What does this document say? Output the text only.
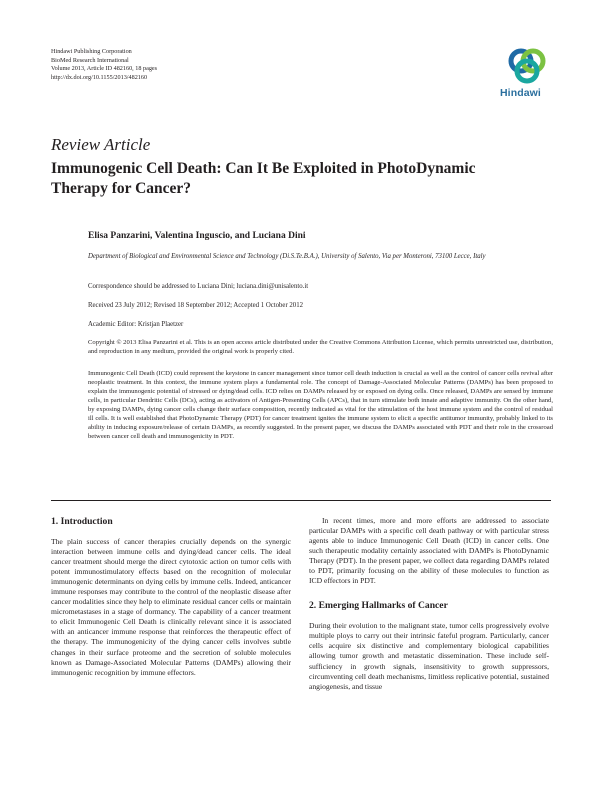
Hindawi Publishing Corporation
BioMed Research International
Volume 2013, Article ID 482160, 18 pages
http://dx.doi.org/10.1155/2013/482160
Hindawi
Review Article
Immunogenic Cell Death: Can It Be Exploited in PhotoDynamic Therapy for Cancer?
Elisa Panzarini, Valentina Inguscio, and Luciana Dini
Department of Biological and Environmental Science and Technology (Di.S.Te.B.A.), University of Salento, Via per Monteroni, 73100 Lecce, Italy
Correspondence should be addressed to Luciana Dini; luciana.dini@unisalento.it
Received 23 July 2012; Revised 18 September 2012; Accepted 1 October 2012
Academic Editor: Kristjan Plaetzer
Copyright © 2013 Elisa Panzarini et al. This is an open access article distributed under the Creative Commons Attribution License, which permits unrestricted use, distribution, and reproduction in any medium, provided the original work is properly cited.
Immunogenic Cell Death (ICD) could represent the keystone in cancer management since tumor cell death induction is crucial as well as the control of cancer cells revival after neoplastic treatment. In this context, the immune system plays a fundamental role. The concept of Damage-Associated Molecular Patterns (DAMPs) has been proposed to explain the immunogenic potential of stressed or dying/dead cells. ICD relies on DAMPs released by or exposed on dying cells. Once released, DAMPs are sensed by immune cells, in particular Dendritic Cells (DCs), acting as activators of Antigen-Presenting Cells (APCs), that in turn stimulate both innate and adaptive immunity. On the other hand, by exposing DAMPs, dying cancer cells change their surface composition, recently indicated as vital for the stimulation of the host immune system and the control of residual ill cells. It is well established that PhotoDynamic Therapy (PDT) for cancer treatment ignites the immune system to elicit a specific antitumor immunity, probably linked to its ability in inducing exposure/release of certain DAMPs, as recently suggested. In the present paper, we discuss the DAMPs associated with PDT and their role in the crossroad between cancer cell death and immunogenicity in PDT.
1. Introduction

The plain success of cancer therapies crucially depends on the synergic interaction between immune cells and dying/dead cancer cells. The ideal cancer treatment should merge the direct cytotoxic action on tumor cells with potent immunostimulatory effects based on the recognition of molecular immunogenic determinants on dying cells by immune cells. Indeed, anticancer immune responses may contribute to the control of the neoplastic disease after cancer modalities since they help to eliminate residual cancer cells or maintain micrometastases in a stage of dormancy. The capability of a cancer treatment to elicit Immunogenic Cell Death is clinically relevant since it is associated with an anticancer immune response that reinforces the therapeutic effect of the therapy. The immunogenicity of the dying cancer cells involves subtle changes in their surface proteome and the secretion of soluble molecules known as Damage-Associated Molecular Patterns (DAMPs) allowing their immunogenic recognition by immune effectors.

In recent times, more and more efforts are addressed to associate particular DAMPs with a specific cell death pathway or with particular stress agents able to induce Immunogenic Cell Death (ICD) in cancer cells. One such therapeutic modality certainly associated with DAMPs is PhotoDynamic Therapy (PDT). In the present paper, we collect data regarding DAMPs related to PDT, primarily focusing on the ability of these molecules to function as ICD effectors in PDT.

2. Emerging Hallmarks of Cancer

During their evolution to the malignant state, tumor cells progressively evolve multiple ploys to carry out their intrinsic fateful program. Particularly, cancer cells acquire six distinctive and complementary biological capabilities allowing tumor growth and metastatic dissemination. These include self-sufficiency in growth signals, insensitivity to growth suppressors, circumventing cell death mechanisms, limitless replicative potential, sustained angiogenesis, and tissue
